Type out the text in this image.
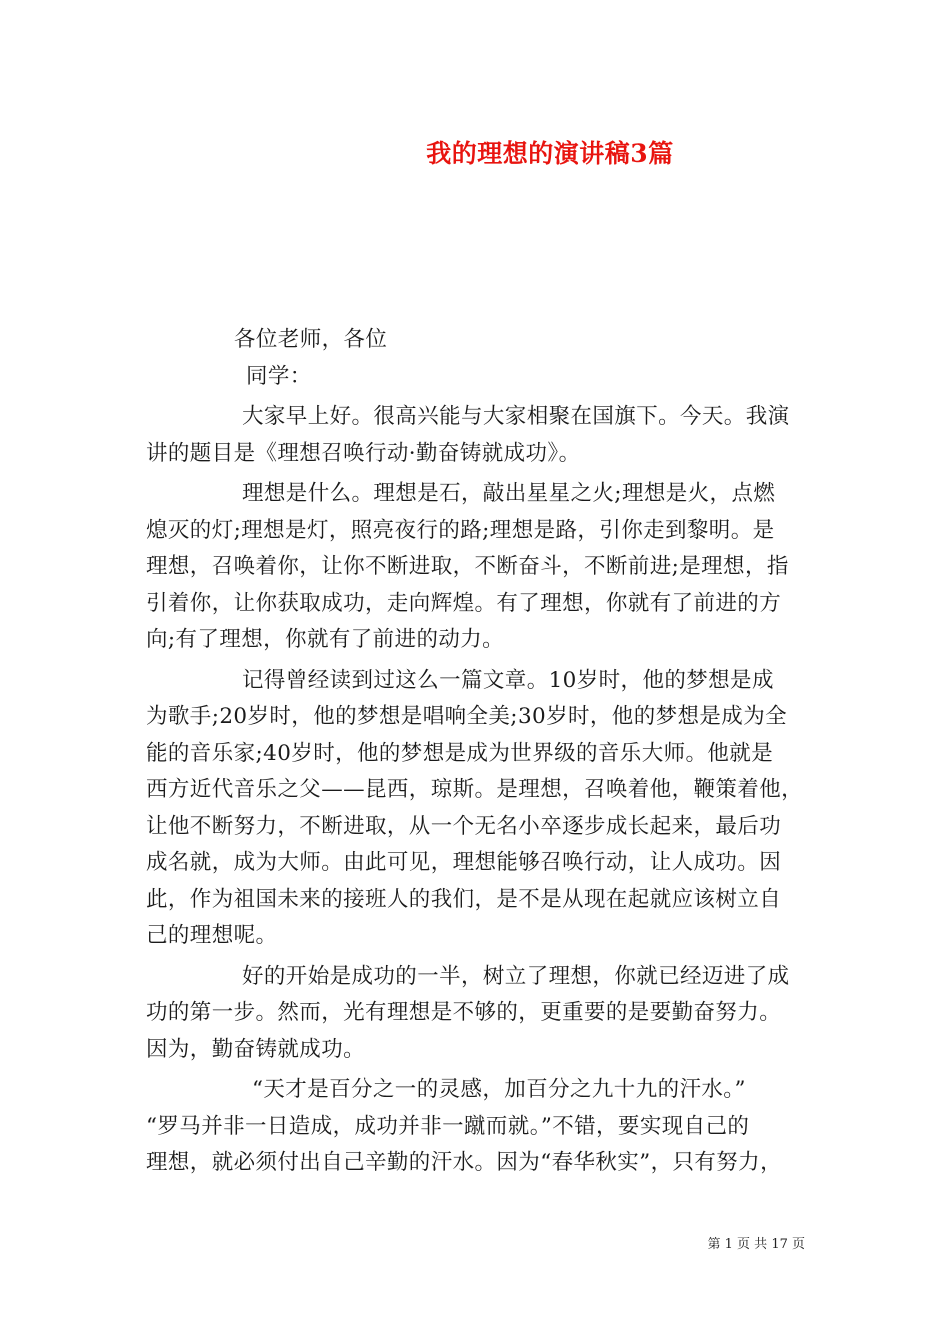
我的理想的演讲稿3篇
各位老师，各位
同学：
大家早上好。很高兴能与大家相聚在国旗下。今天。我演
讲的题目是《理想召唤行动·勤奋铸就成功》。
理想是什么。理想是石，敲出星星之火;理想是火，点燃
熄灭的灯;理想是灯，照亮夜行的路;理想是路，引你走到黎明。是
理想，召唤着你，让你不断进取，不断奋斗，不断前进;是理想，指
引着你，让你获取成功，走向辉煌。有了理想，你就有了前进的方
向;有了理想，你就有了前进的动力。
记得曾经读到过这么一篇文章。10岁时，他的梦想是成
为歌手;20岁时，他的梦想是唱响全美;30岁时，他的梦想是成为全
能的音乐家;40岁时，他的梦想是成为世界级的音乐大师。他就是
西方近代音乐之父——昆西，琼斯。是理想，召唤着他，鞭策着他，
让他不断努力，不断进取，从一个无名小卒逐步成长起来，最后功
成名就，成为大师。由此可见，理想能够召唤行动，让人成功。因
此，作为祖国未来的接班人的我们，是不是从现在起就应该树立自
己的理想呢。
好的开始是成功的一半，树立了理想，你就已经迈进了成
功的第一步。然而，光有理想是不够的，更重要的是要勤奋努力。
因为，勤奋铸就成功。
“天才是百分之一的灵感，加百分之九十九的汗水。”
“罗马并非一日造成，成功并非一蹴而就。”不错，要实现自己的
理想，就必须付出自己辛勤的汗水。因为“春华秋实”，只有努力，
第 1 页 共 17 页
